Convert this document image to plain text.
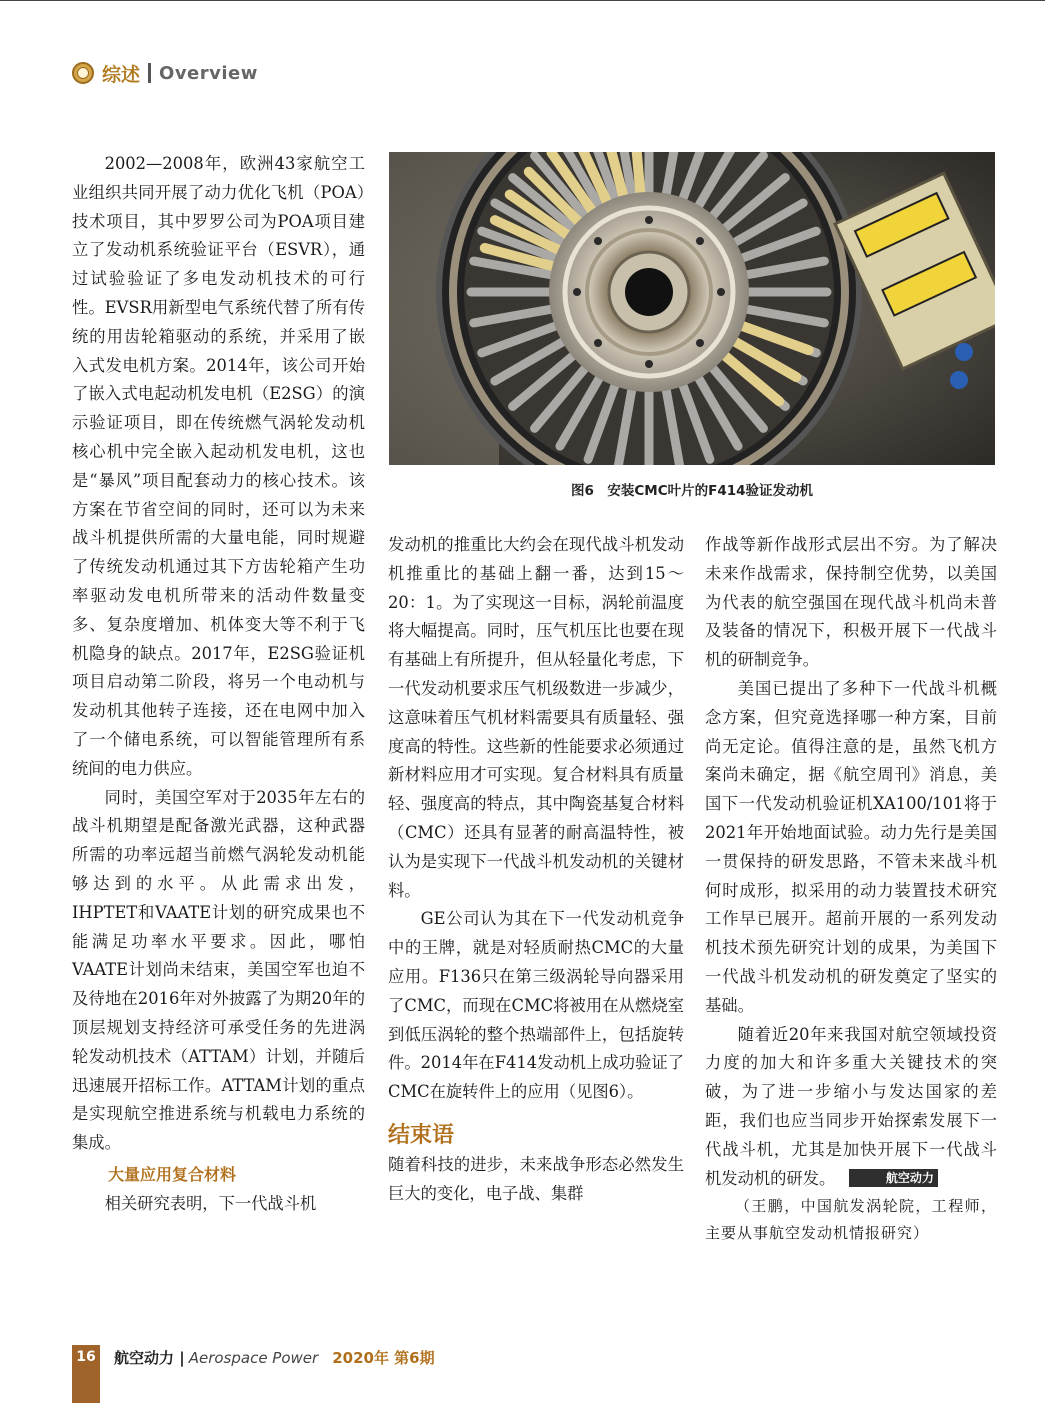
综述 Overview

2002—2008年，欧洲43家航空工业组织共同开展了动力优化飞机（POA）技术项目，其中罗罗公司为POA项目建立了发动机系统验证平台（ESVR），通过试验验证了多电发动机技术的可行性。EVSR用新型电气系统代替了所有传统的用齿轮箱驱动的系统，并采用了嵌入式发电机方案。2014年，该公司开始了嵌入式电起动机发电机（E2SG）的演示验证项目，即在传统燃气涡轮发动机核心机中完全嵌入起动机发电机，这也是“暴风”项目配套动力的核心技术。该方案在节省空间的同时，还可以为未来战斗机提供所需的大量电能，同时规避了传统发动机通过其下方齿轮箱产生功率驱动发电机所带来的活动件数量变多、复杂度增加、机体变大等不利于飞机隐身的缺点。2017年，E2SG验证机项目启动第二阶段，将另一个电动机与发动机其他转子连接，还在电网中加入了一个储电系统，可以智能管理所有系统间的电力供应。

同时，美国空军对于2035年左右的战斗机期望是配备激光武器，这种武器所需的功率远超当前燃气涡轮发动机能够达到的水平。从此需求出发，IHPTET和VAATE计划的研究成果也不能满足功率水平要求。因此，哪怕VAATE计划尚未结束，美国空军也迫不及待地在2016年对外披露了为期20年的顶层规划支持经济可承受任务的先进涡轮发动机技术（ATTAM）计划，并随后迅速展开招标工作。ATTAM计划的重点是实现航空推进系统与机载电力系统的集成。

大量应用复合材料

相关研究表明，下一代战斗机

图6　安装CMC叶片的F414验证发动机

发动机的推重比大约会在现代战斗机发动机推重比的基础上翻一番，达到15～20：1。为了实现这一目标，涡轮前温度将大幅提高。同时，压气机压比也要在现有基础上有所提升，但从轻量化考虑，下一代发动机要求压气机级数进一步减少，这意味着压气机材料需要具有质量轻、强度高的特性。这些新的性能要求必须通过新材料应用才可实现。复合材料具有质量轻、强度高的特点，其中陶瓷基复合材料（CMC）还具有显著的耐高温特性，被认为是实现下一代战斗机发动机的关键材料。

GE公司认为其在下一代发动机竞争中的王牌，就是对轻质耐热CMC的大量应用。F136只在第三级涡轮导向器采用了CMC，而现在CMC将被用在从燃烧室到低压涡轮的整个热端部件上，包括旋转件。2014年在F414发动机上成功验证了CMC在旋转件上的应用（见图6）。

结束语

随着科技的进步，未来战争形态必然发生巨大的变化，电子战、集群

作战等新作战形式层出不穷。为了解决未来作战需求，保持制空优势，以美国为代表的航空强国在现代战斗机尚未普及装备的情况下，积极开展下一代战斗机的研制竞争。

美国已提出了多种下一代战斗机概念方案，但究竟选择哪一种方案，目前尚无定论。值得注意的是，虽然飞机方案尚未确定，据《航空周刊》消息，美国下一代发动机验证机XA100/101将于2021年开始地面试验。动力先行是美国一贯保持的研发思路，不管未来战斗机何时成形，拟采用的动力装置技术研究工作早已展开。超前开展的一系列发动机技术预先研究计划的成果，为美国下一代战斗机发动机的研发奠定了坚实的基础。

随着近20年来我国对航空领域投资力度的加大和许多重大关键技术的突破，为了进一步缩小与发达国家的差距，我们也应当同步开始探索发展下一代战斗机，尤其是加快开展下一代战斗机发动机的研发。	航空动力

（王鹏，中国航发涡轮院，工程师，主要从事航空发动机情报研究）

16 航空动力 | Aerospace Power 2020年 第6期
